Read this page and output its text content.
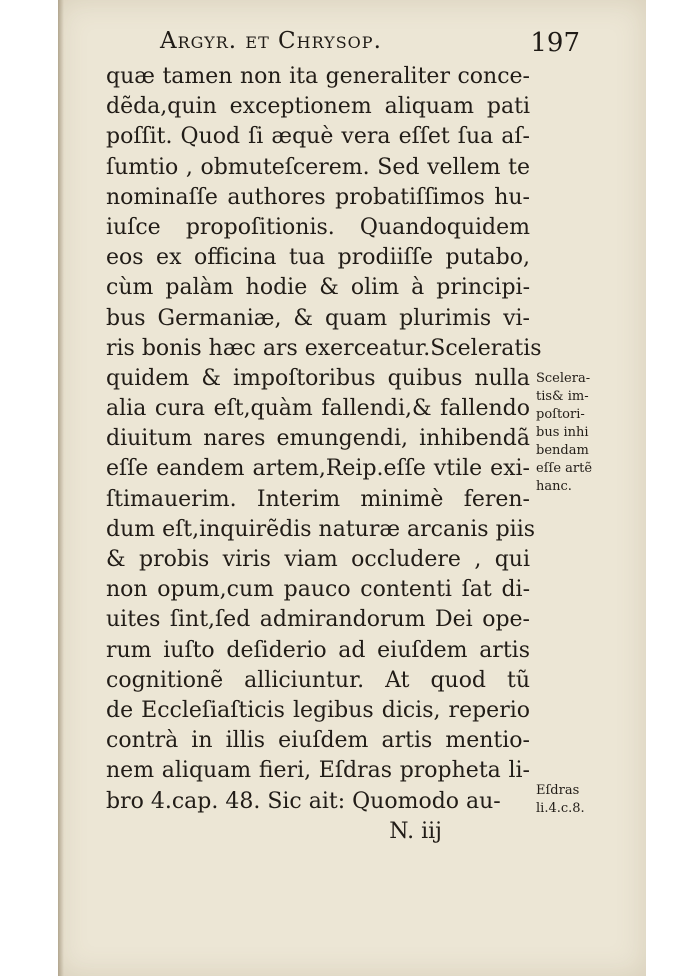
Argyr. et Chrysop.	197
quæ tamen non ita generaliter conce-
dẽda,quin exceptionem aliquam pati
poſſit. Quod ſi æquè vera eſſet ſua aſ-
ſumtio , obmuteſcerem. Sed vellem te
nominaſſe authores probatiſſimos hu-
iuſce propoſitionis. Quandoquidem
eos ex officina tua prodiiſſe putabo,
cùm palàm hodie & olim à principi-
bus Germaniæ, & quam plurimis vi-
ris bonis hæc ars exerceatur.Sceleratis
quidem & impoſtoribus quibus nulla
alia cura eſt,quàm fallendi,& fallendo
diuitum nares emungendi, inhibendã
eſſe eandem artem,Reip.eſſe vtile exi-
ſtimauerim. Interim minimè feren-
dum eſt,inquirẽdis naturæ arcanis piis
& probis viris viam occludere , qui
non opum,cum pauco contenti ſat di-
uites ſint,ſed admirandorum Dei ope-
rum iuſto deſiderio ad eiuſdem artis
cognitionẽ alliciuntur. At quod tũ
de Eccleſiaſticis legibus dicis, reperio
contrà in illis eiuſdem artis mentio-
nem aliquam fieri, Eſdras propheta li-
bro 4.cap. 48. Sic ait: Quomodo au-
N. iij
Scelera-
tis& im-
poſtori-
bus inhi
bendam
eſſe artẽ
hanc.
Eſdras
li.4.c.8.
